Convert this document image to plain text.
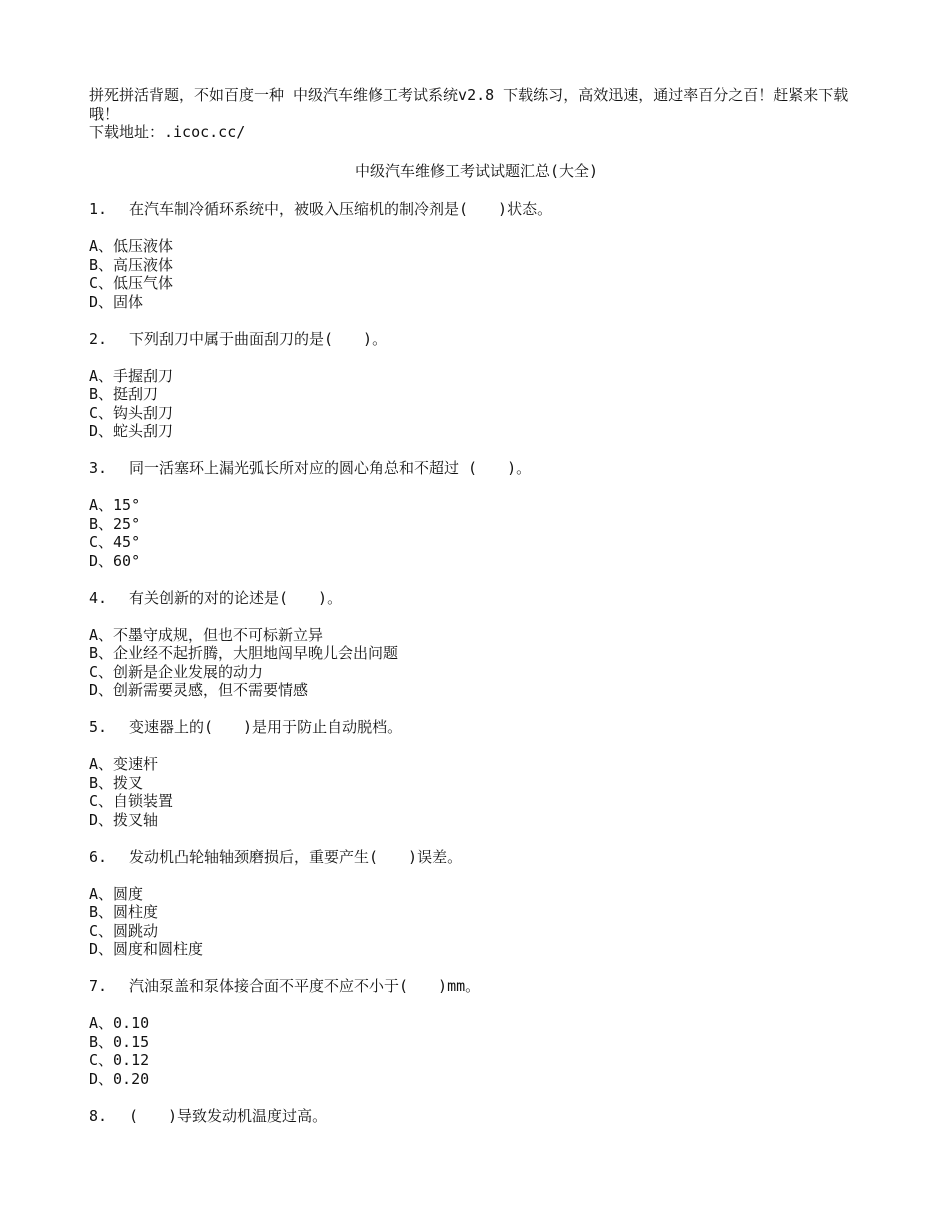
拼死拼活背题，不如百度一种 中级汽车维修工考试系统v2.8 下载练习，高效迅速，通过率百分之百！赶紧来下载哦！
下载地址：.icoc.cc/
中级汽车维修工考试试题汇总(大全)
1. 在汽车制冷循环系统中，被吸入压缩机的制冷剂是(　　)状态。
A、低压液体
B、高压液体
C、低压气体
D、固体
2. 下列刮刀中属于曲面刮刀的是(　　)。
A、手握刮刀
B、挺刮刀
C、钩头刮刀
D、蛇头刮刀
3. 同一活塞环上漏光弧长所对应的圆心角总和不超过 (　　)。
A、15°
B、25°
C、45°
D、60°
4. 有关创新的对的论述是(　　)。
A、不墨守成规，但也不可标新立异
B、企业经不起折腾，大胆地闯早晚儿会出问题
C、创新是企业发展的动力
D、创新需要灵感，但不需要情感
5. 变速器上的(　　)是用于防止自动脱档。
A、变速杆
B、拨叉
C、自锁装置
D、拨叉轴
6. 发动机凸轮轴轴颈磨损后，重要产生(　　)误差。
A、圆度
B、圆柱度
C、圆跳动
D、圆度和圆柱度
7. 汽油泵盖和泵体接合面不平度不应不小于(　　)mm。
A、0.10
B、0.15
C、0.12
D、0.20
8. (　　)导致发动机温度过高。
